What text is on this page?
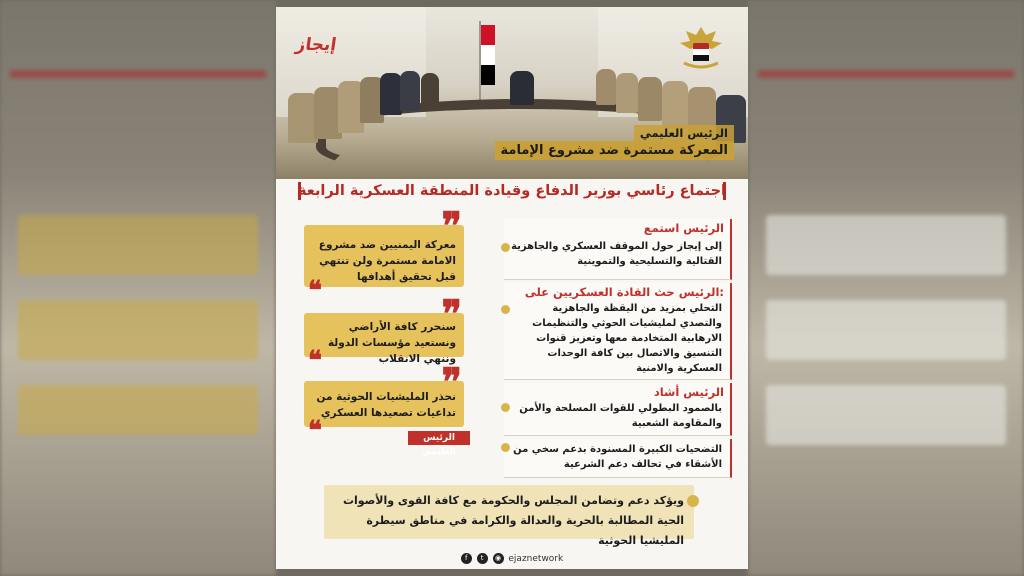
إيجاز
الرئيس العليمي
المعركة مستمرة ضد مشروع الإمامة
اجتماع رئاسي بوزير الدفاع وقيادة المنطقة العسكرية الرابعة
❞
معركة اليمنيين ضد مشروع الامامة مستمرة ولن تنتهي قبل تحقيق أهدافها
❝	❞
سنحرر كافة الأراضي ونستعيد مؤسسات الدولة وننهي الانقلاب
❝	❞
نحذر المليشيات الحوثية من تداعيات تصعيدها العسكري
❝	الرئيس العليمي
الرئيس استمع
إلى إيجاز حول الموقف العسكري والجاهزية القتالية والتسليحية والتموينية
الرئيس حث القادة العسكريين على:
التحلي بمزيد من اليقظة والجاهزية والتصدي لمليشيات الحوثي والتنظيمات الارهابية المتخادمة معها وتعزيز قنوات التنسيق والاتصال بين كافة الوحدات العسكرية والامنية
الرئيس أشاد
بالصمود البطولي للقوات المسلحة والأمن والمقاومة الشعبية
التضحيات الكبيرة المسنودة بدعم سخي من الأشقاء في تحالف دعم الشرعية
ويؤكد دعم وتضامن المجلس والحكومة مع كافة القوى والأصوات الحية المطالبة بالحرية والعدالة والكرامة في مناطق سيطرة المليشيا الحوثية
f t ◉ ejaznetwork
